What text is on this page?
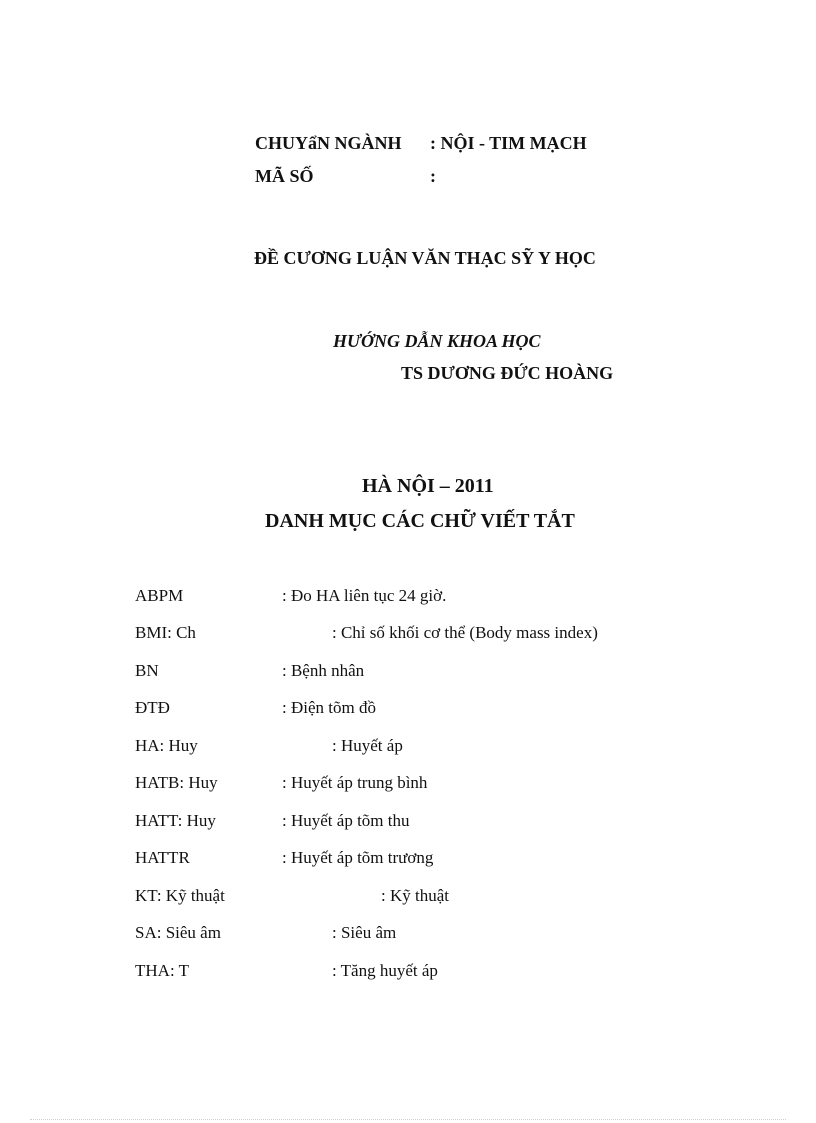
CHUYẩN NGÀNH : NỘI - TIM MẠCH
MÃ SỐ	:
ĐỀ CƯƠNG LUẬN VĂN THẠC SỸ Y HỌC
HƯỚNG DẪN KHOA HỌC
TS DƯƠNG ĐỨC HOÀNG
HÀ NỘI – 2011
DANH MỤC CÁC CHỮ VIẾT TẮT
ABPM	: Đo HA liên tục 24 giờ.
BMI: Ch	: Chỉ số khối cơ thể (Body mass index)
BN	: Bệnh nhân
ĐTĐ	: Điện tõm đồ
HA: Huy	: Huyết áp
HATB: Huy	: Huyết áp trung bình
HATT: Huy	: Huyết áp tõm thu
HATTR	: Huyết áp tõm trương
KT: Kỹ thuật	: Kỹ thuật
SA: Siêu âm	: Siêu âm
THA: T	: Tăng huyết áp
